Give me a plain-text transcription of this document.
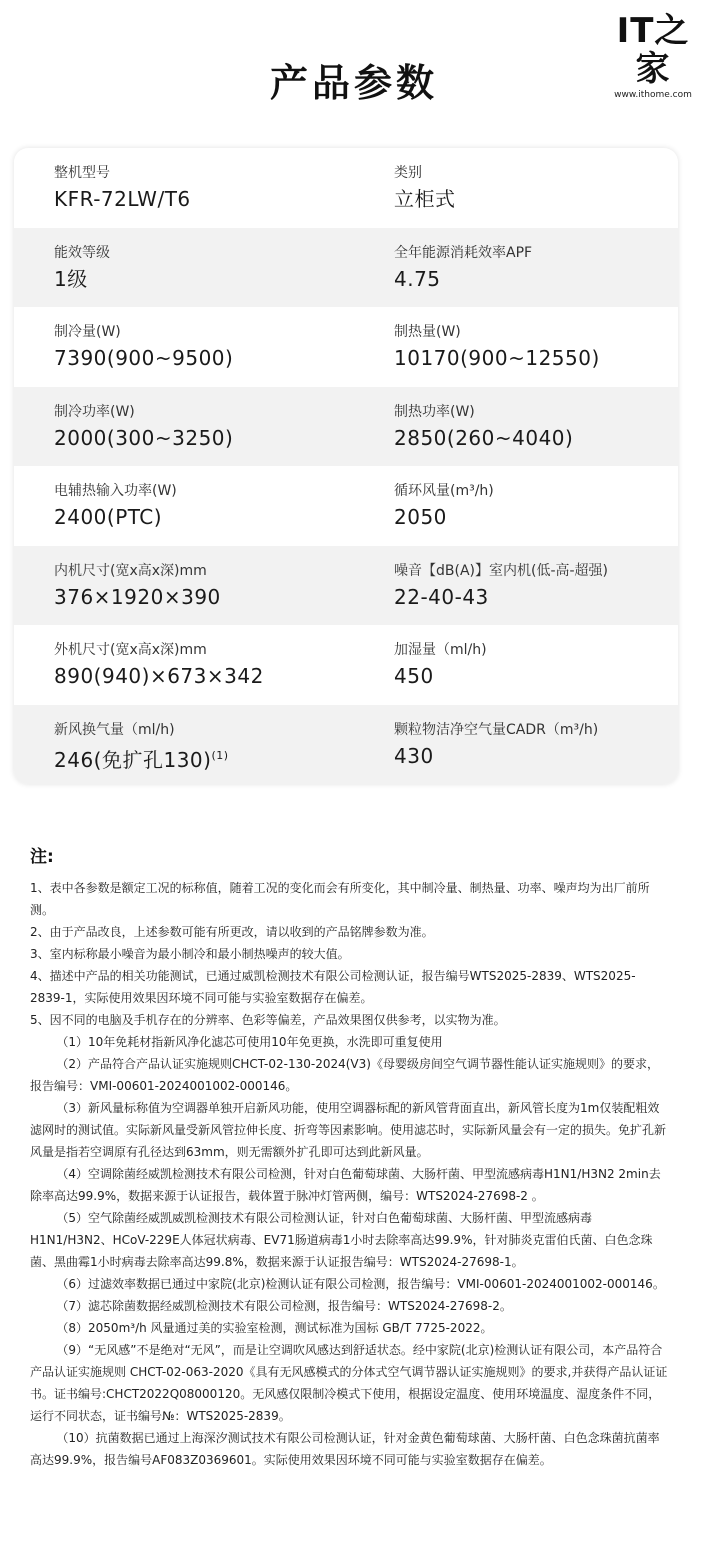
IT之家
www.ithome.com
产品参数
整机型号
KFR-72LW/T6
类别
立柜式
能效等级
1级
全年能源消耗效率APF
4.75
制冷量(W)
7390(900~9500)
制热量(W)
10170(900~12550)
制冷功率(W)
2000(300~3250)
制热功率(W)
2850(260~4040)
电辅热输入功率(W)
2400(PTC)
循环风量(m³/h)
2050
内机尺寸(宽x高x深)mm
376×1920×390
噪音【dB(A)】室内机(低-高-超强)
22-40-43
外机尺寸(宽x高x深)mm
890(940)×673×342
加湿量（ml/h)
450
新风换气量（ml/h)
246(免扩孔130)$^{(1)}$
颗粒物洁净空气量CADR（m³/h)
430
注:

1、表中各参数是额定工况的标称值，随着工况的变化而会有所变化，其中制冷量、制热量、功率、噪声均为出厂前所测。

2、由于产品改良，上述参数可能有所更改，请以收到的产品铭牌参数为准。

3、室内标称最小噪音为最小制冷和最小制热噪声的较大值。

4、描述中产品的相关功能测试，已通过威凯检测技术有限公司检测认证，报告编号WTS2025-2839、WTS2025-2839-1，实际使用效果因环境不同可能与实验室数据存在偏差。

5、因不同的电脑及手机存在的分辨率、色彩等偏差，产品效果图仅供参考，以实物为准。

（1）10年免耗材指新风净化滤芯可使用10年免更换，水洗即可重复使用

（2）产品符合产品认证实施规则CHCT-02-130-2024(V3)《母婴级房间空气调节器性能认证实施规则》的要求，报告编号：VMI-00601-2024001002-000146。

（3）新风量标称值为空调器单独开启新风功能，使用空调器标配的新风管背面直出，新风管长度为1m仅装配粗效滤网时的测试值。实际新风量受新风管拉伸长度、折弯等因素影响。使用滤芯时，实际新风量会有一定的损失。免扩孔新风量是指若空调原有孔径达到63mm，则无需额外扩孔即可达到此新风量。

（4）空调除菌经威凯检测技术有限公司检测，针对白色葡萄球菌、大肠杆菌、甲型流感病毒H1N1/H3N2 2min去除率高达99.9%，数据来源于认证报告，载体置于脉冲灯管两侧，编号：WTS2024-27698-2 。

（5）空气除菌经威凯威凯检测技术有限公司检测认证，针对白色葡萄球菌、大肠杆菌、甲型流感病毒H1N1/H3N2、HCoV-229E人体冠状病毒、EV71肠道病毒1小时去除率高达99.9%，针对肺炎克雷伯氏菌、白色念珠菌、黑曲霉1小时病毒去除率高达99.8%，数据来源于认证报告编号：WTS2024-27698-1。

（6）过滤效率数据已通过中家院(北京)检测认证有限公司检测，报告编号：VMI-00601-2024001002-000146。

（7）滤芯除菌数据经威凯检测技术有限公司检测，报告编号：WTS2024-27698-2。

（8）2050m³/h 风量通过美的实验室检测，测试标准为国标 GB/T 7725-2022。

（9）“无风感”不是绝对“无风”，而是让空调吹风感达到舒适状态。经中家院(北京)检测认证有限公司，本产品符合产品认证实施规则 CHCT-02-063-2020《具有无风感模式的分体式空气调节器认证实施规则》的要求,并获得产品认证证书。证书编号:CHCT2022Q08000120。无风感仅限制冷模式下使用，根据设定温度、使用环境温度、湿度条件不同，运行不同状态，证书编号№：WTS2025-2839。

（10）抗菌数据已通过上海深汐测试技术有限公司检测认证，针对金黄色葡萄球菌、大肠杆菌、白色念珠菌抗菌率高达99.9%，报告编号AF083Z0369601。实际使用效果因环境不同可能与实验室数据存在偏差。
